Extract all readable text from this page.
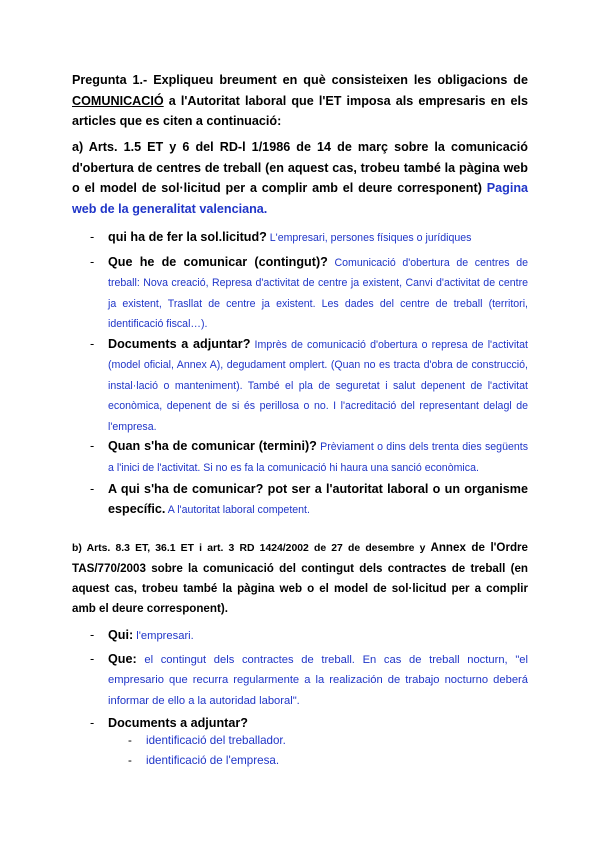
Pregunta 1.- Expliqueu breument en què consisteixen les obligacions de COMUNICACIÓ a l'Autoritat laboral que l'ET imposa als empresaris en els articles que es citen a continuació:
a) Arts. 1.5 ET y 6 del RD-l 1/1986 de 14 de març sobre la comunicació d'obertura de centres de treball (en aquest cas, trobeu també la pàgina web o el model de sol·licitud per a complir amb el deure corresponent) Pagina web de la generalitat valenciana.
- qui ha de fer la sol.licitud? L'empresari, persones físiques o jurídiques
- Que he de comunicar (contingut)? Comunicació d'obertura de centres de treball: Nova creació, Represa d'activitat de centre ja existent, Canvi d'activitat de centre ja existent, Trasllat de centre ja existent. Les dades del centre de treball (territori, identificació fiscal…).
- Documents a adjuntar? Imprès de comunicació d'obertura o represa de l'activitat (model oficial, Annex A), degudament omplert. (Quan no es tracta d'obra de construcció, instal·lació o manteniment). També el pla de seguretat i salut depenent de l'activitat econòmica, depenent de si és perillosa o no. I l'acreditació del representant delagl de l'empresa.
- Quan s'ha de comunicar (termini)? Prèviament o dins dels trenta dies següents a l'inici de l'activitat. Si no es fa la comunicació hi haura una sanció econòmica.
- A qui s'ha de comunicar? pot ser a l'autoritat laboral o un organisme específic. A l'autoritat laboral competent.
b) Arts. 8.3 ET, 36.1 ET i art. 3 RD 1424/2002 de 27 de desembre y Annex de l'Ordre TAS/770/2003 sobre la comunicació del contingut dels contractes de treball (en aquest cas, trobeu també la pàgina web o el model de sol·licitud per a complir amb el deure corresponent).
- Qui: l'empresari.
- Que: el contingut dels contractes de treball. En cas de treball nocturn, "el empresario que recurra regularmente a la realización de trabajo nocturno deberá informar de ello a la autoridad laboral".
- Documents a adjuntar?
- identificació del treballador.
- identificació de l'empresa.
